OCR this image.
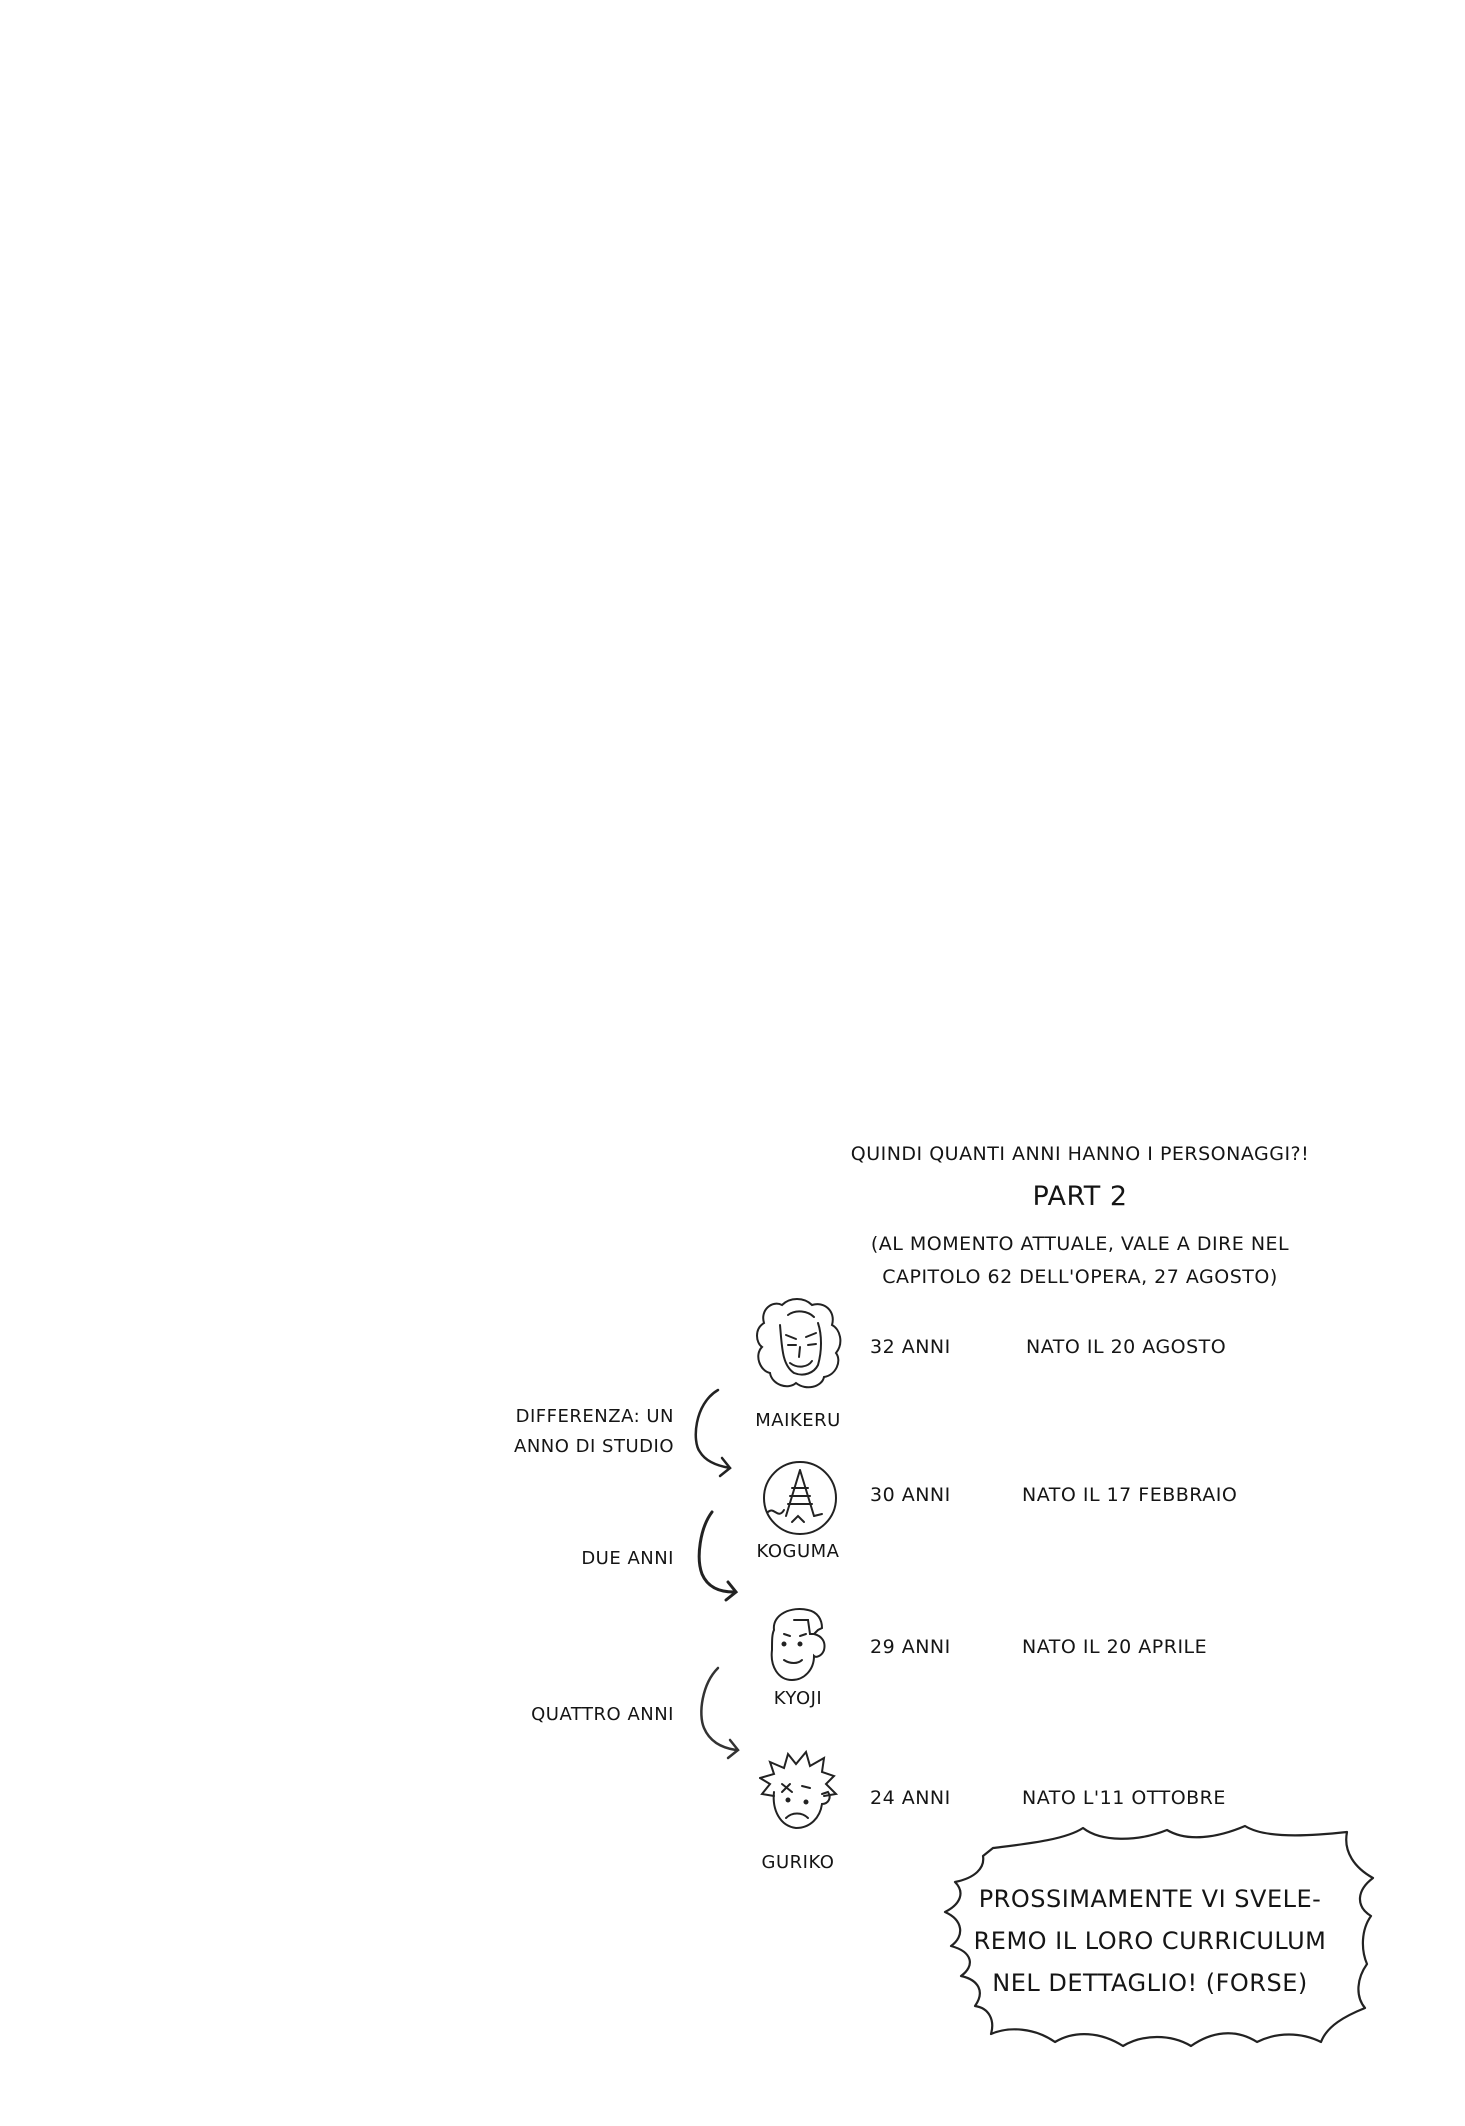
QUINDI QUANTI ANNI HANNO I PERSONAGGI?!
PART 2
(AL MOMENTO ATTUALE, VALE A DIRE NEL
CAPITOLO 62 DELL'OPERA, 27 AGOSTO)
MAIKERU
32 ANNI	NATO IL 20 AGOSTO
KOGUMA
30 ANNI	NATO IL 17 FEBBRAIO
KYOJI
29 ANNI	NATO IL 20 APRILE
GURIKO
24 ANNI	NATO L'11 OTTOBRE
DIFFERENZA: UN
ANNO DI STUDIO
DUE ANNI
QUATTRO ANNI
PROSSIMAMENTE VI SVELE-
REMO IL LORO CURRICULUM
NEL DETTAGLIO! (FORSE)
